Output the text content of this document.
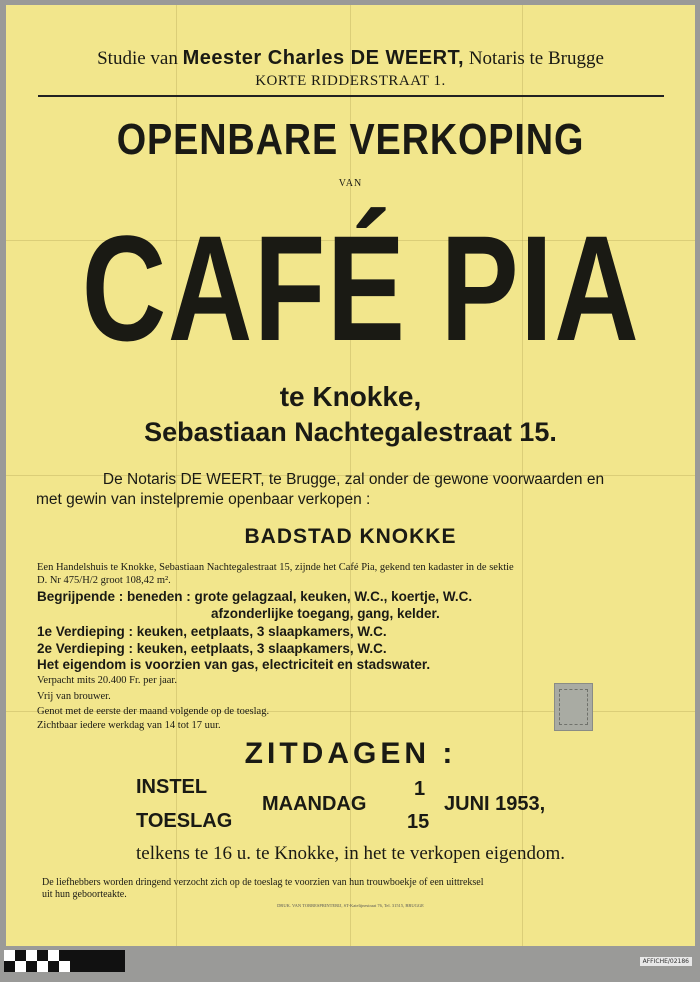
Studie van Meester Charles DE WEERT, Notaris te Brugge
KORTE RIDDERSTRAAT 1.
OPENBARE VERKOPING
VAN
CAFÉ PIA
te Knokke,
Sebastiaan Nachtegalestraat 15.
De Notaris DE WEERT, te Brugge, zal onder de gewone voorwaarden en
met gewin van instelpremie openbaar verkopen :
BADSTAD KNOKKE
Een Handelshuis te Knokke, Sebastiaan Nachtegalestraat 15, zijnde het Café Pia, gekend ten kadaster in de sektie
D. Nr 475/H/2 groot 108,42 m².
Begrijpende : beneden : grote gelagzaal, keuken, W.C., koertje, W.C.
afzonderlijke toegang, gang, kelder.
1e Verdieping : keuken, eetplaats, 3 slaapkamers, W.C.
2e Verdieping : keuken, eetplaats, 3 slaapkamers, W.C.
Het eigendom is voorzien van gas, electriciteit en stadswater.
Verpacht mits 20.400 Fr. per jaar.
Vrij van brouwer.
Genot met de eerste der maand volgende op de toeslag.
Zichtbaar iedere werkdag van 14 tot 17 uur.
ZITDAGEN :
INSTEL
TOESLAG
MAANDAG
1
15
JUNI 1953,
telkens te 16 u. te Knokke, in het te verkopen eigendom.
De liefhebbers worden dringend verzocht zich op de toeslag te voorzien van hun trouwboekje of een uittreksel
uit hun geboorteakte.
DRUK. VAN TORRESPRINTERIJ, ST-Katelijnestraat 76, Tel. 31515, BRUGGE
AFFICHE/02186
